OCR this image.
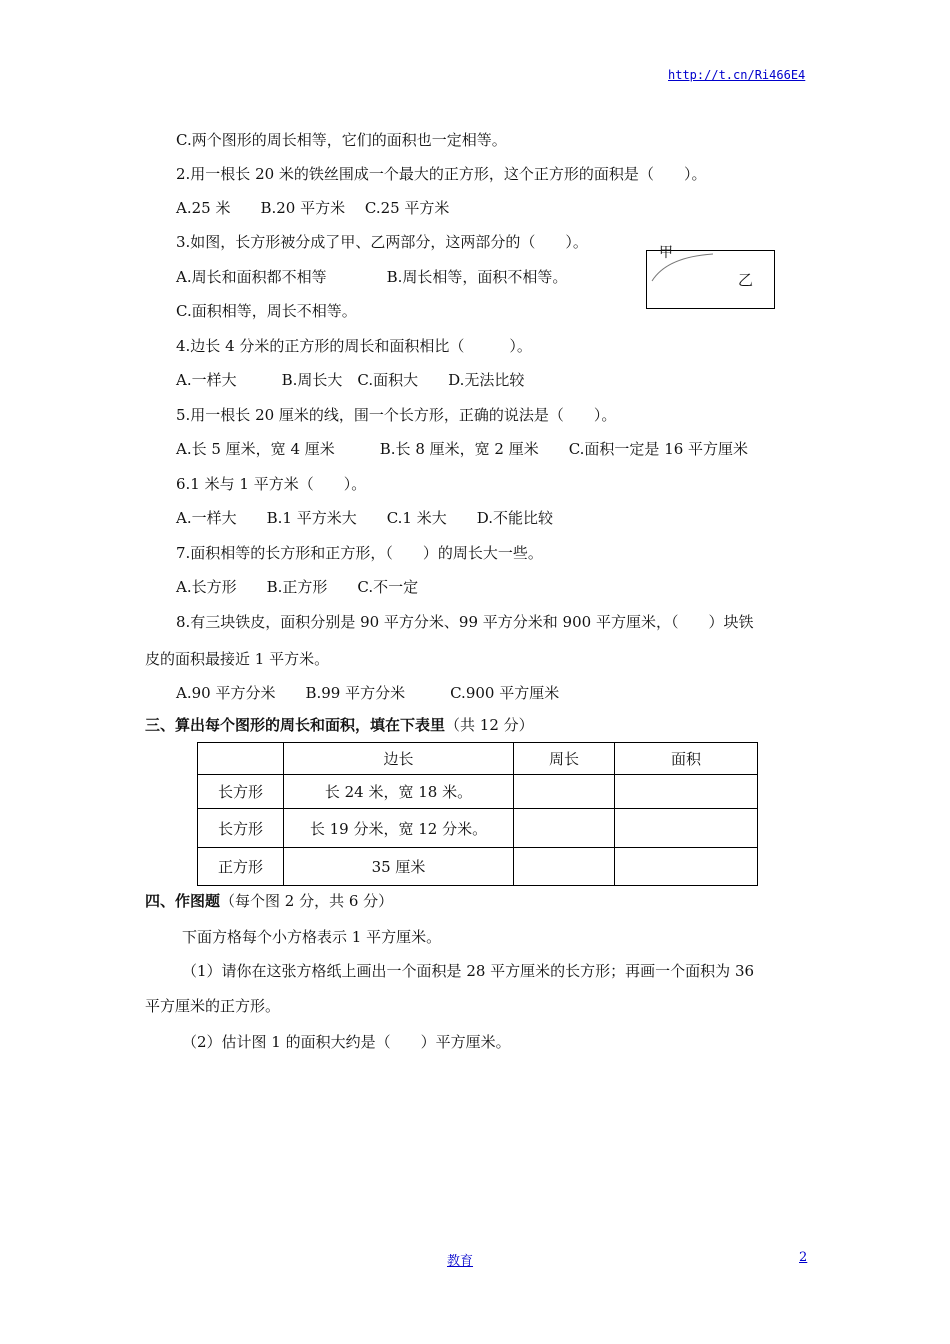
http://t.cn/Ri466E4
C.两个图形的周长相等，它们的面积也一定相等。
2.用一根长 20 米的铁丝围成一个最大的正方形，这个正方形的面积是（　　）。
A.25 米　　B.20 平方米　 C.25 平方米
3.如图，长方形被分成了甲、乙两部分，这两部分的（　　）。
A.周长和面积都不相等　　　　B.周长相等，面积不相等。
C.面积相等，周长不相等。
甲
乙
4.边长 4 分米的正方形的周长和面积相比（　　　）。
A.一样大　　　B.周长大　C.面积大　　D.无法比较
5.用一根长 20 厘米的线，围一个长方形，正确的说法是（　　）。
A.长 5 厘米，宽 4 厘米　　　B.长 8 厘米，宽 2 厘米　　C.面积一定是 16 平方厘米
6.1 米与 1 平方米（　　）。
A.一样大　　B.1 平方米大　　C.1 米大　　D.不能比较
7.面积相等的长方形和正方形，（　　）的周长大一些。
A.长方形　　B.正方形　　C.不一定
8.有三块铁皮，面积分别是 90 平方分米、99 平方分米和 900 平方厘米，（　　）块铁
皮的面积最接近 1 平方米。
A.90 平方分米　　B.99 平方分米　　　C.900 平方厘米
三、算出每个图形的周长和面积，填在下表里（共 12 分）
	边长	周长	面积
长方形	长 24 米，宽 18 米。		
长方形	长 19 分米，宽 12 分米。		
正方形	35 厘米		
四、作图题（每个图 2 分，共 6 分）
下面方格每个小方格表示 1 平方厘米。
（1）请你在这张方格纸上画出一个面积是 28 平方厘米的长方形；再画一个面积为 36
平方厘米的正方形。
（2）估计图 1 的面积大约是（　　）平方厘米。
教育	2
